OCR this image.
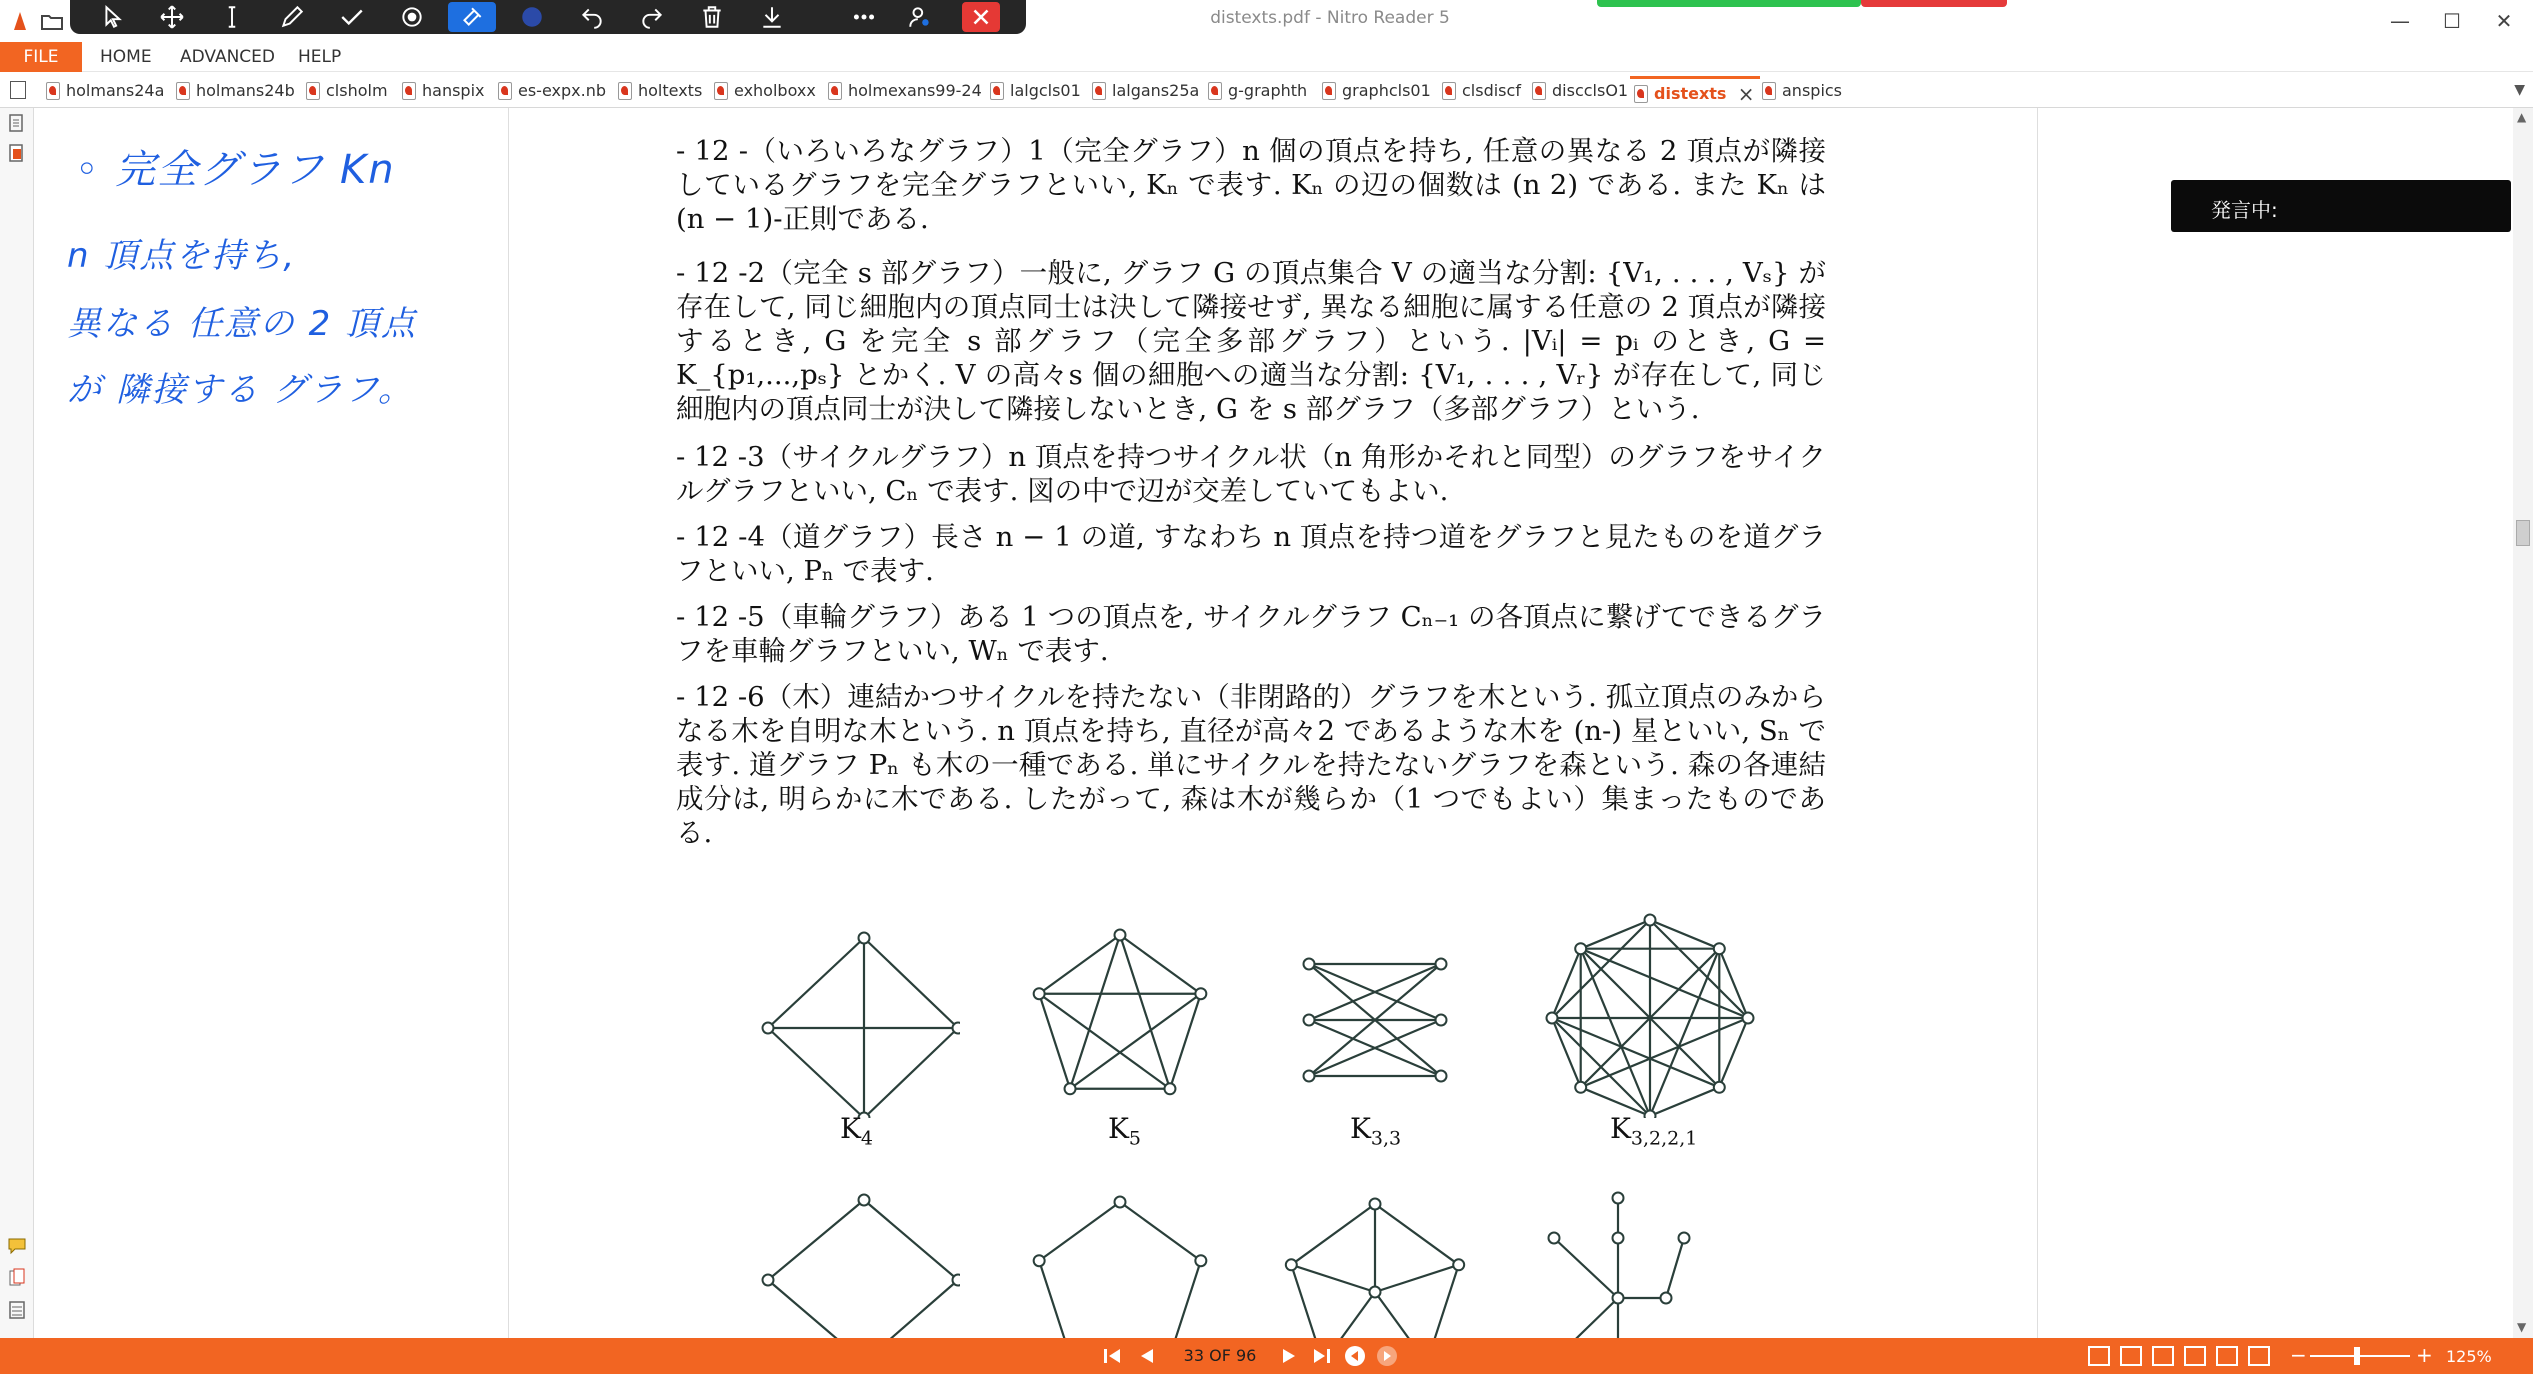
distexts.pdf - Nitro Reader 5	—	☐	✕
FILE	HOME	ADVANCED	HELP
holmans24a	holmans24b	clsholm	hanspix	es-expx.nb	holtexts	exholboxx	holmexans99-24	lalgcls01	lalgans25a	g-graphth	graphcls01	clsdiscf	discclsO1	distexts ×	anspics	▼
◦ 完全グラフ Kn
n 頂点を持ち,
異なる 任意の 2 頂点
が 隣接する グラフ。
- 12 -（いろいろなグラフ）1（完全グラフ）n 個の頂点を持ち, 任意の異なる 2 頂点が隣接しているグラフを完全グラフといい, Kₙ で表す. Kₙ の辺の個数は (n 2) である. また Kₙ は (n − 1)-正則である.
- 12 -2（完全 s 部グラフ）一般に, グラフ G の頂点集合 V の適当な分割: {V₁, . . . , Vₛ} が存在して, 同じ細胞内の頂点同士は決して隣接せず, 異なる細胞に属する任意の 2 頂点が隣接するとき, G を完全 s 部グラフ（完全多部グラフ）という. |Vᵢ| = pᵢ のとき, G = K_{p₁,...,pₛ} とかく. V の高々s 個の細胞への適当な分割: {V₁, . . . , Vᵣ} が存在して, 同じ細胞内の頂点同士が決して隣接しないとき, G を s 部グラフ（多部グラフ）という.
- 12 -3（サイクルグラフ）n 頂点を持つサイクル状（n 角形かそれと同型）のグラフをサイクルグラフといい, Cₙ で表す. 図の中で辺が交差していてもよい.
- 12 -4（道グラフ）長さ n − 1 の道, すなわち n 頂点を持つ道をグラフと見たものを道グラフといい, Pₙ で表す.
- 12 -5（車輪グラフ）ある 1 つの頂点を, サイクルグラフ Cₙ₋₁ の各頂点に繋げてできるグラフを車輪グラフといい, Wₙ で表す.
- 12 -6（木）連結かつサイクルを持たない（非閉路的）グラフを木という. 孤立頂点のみからなる木を自明な木という. n 頂点を持ち, 直径が高々2 であるような木を (n-) 星といい, Sₙ で表す. 道グラフ Pₙ も木の一種である. 単にサイクルを持たないグラフを森という. 森の各連結成分は, 明らかに木である. したがって, 森は木が幾らか（1 つでもよい）集まったものである.
$K_4$	$K_5$	$K_{3,3}$	$K_{3,2,2,1}$
発言中:
▲
▼
33 OF 96	−	+ 125%
